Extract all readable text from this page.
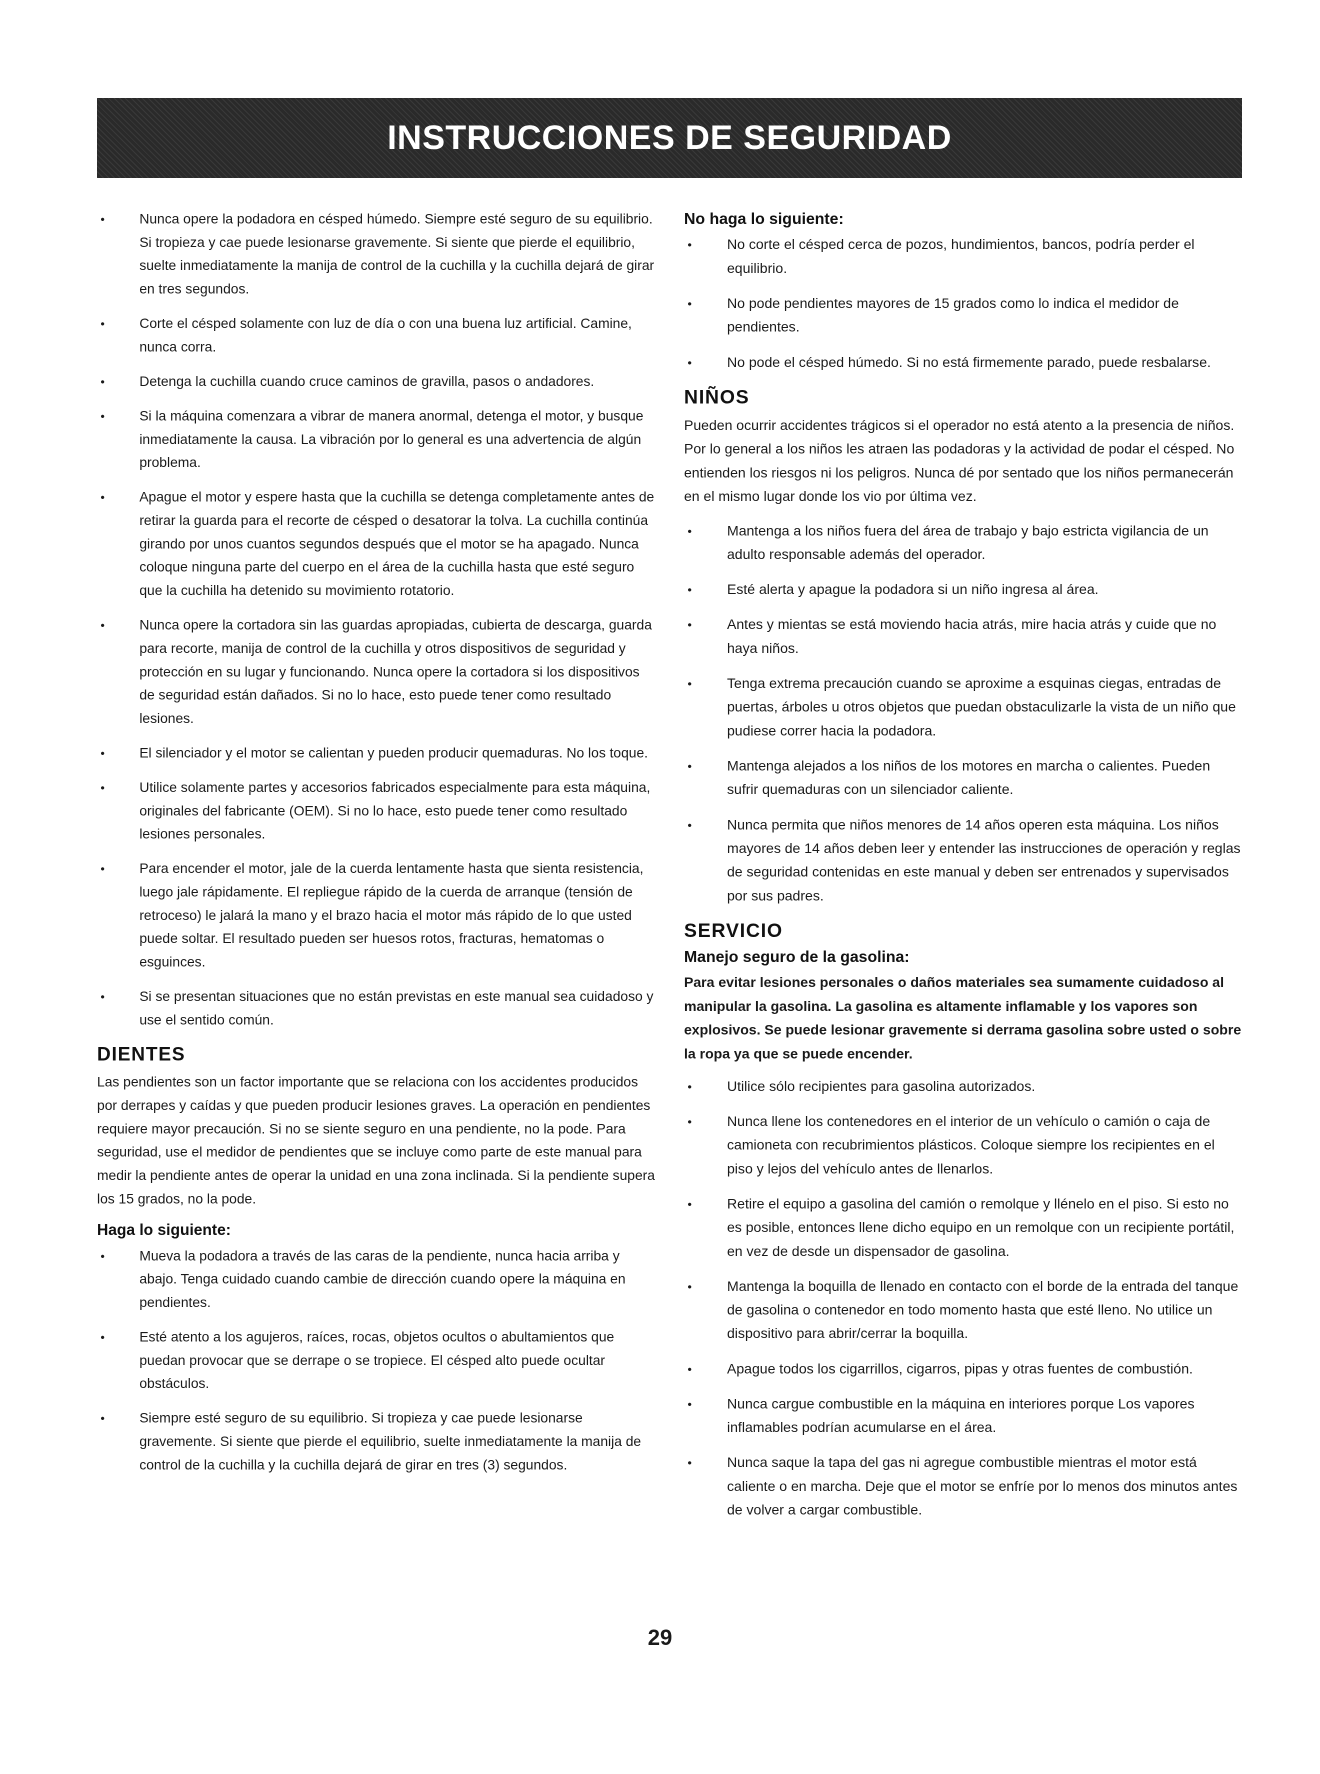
INSTRUCCIONES DE SEGURIDAD
• Nunca opere la podadora en césped húmedo. Siempre esté seguro de su equilibrio. Si tropieza y cae puede lesionarse gravemente. Si siente que pierde el equilibrio, suelte inmediatamente la manija de control de la cuchilla y la cuchilla dejará de girar en tres segundos.
• Corte el césped solamente con luz de día o con una buena luz artificial. Camine, nunca corra.
• Detenga la cuchilla cuando cruce caminos de gravilla, pasos o andadores.
• Si la máquina comenzara a vibrar de manera anormal, detenga el motor, y busque inmediatamente la causa. La vibración por lo general es una advertencia de algún problema.
• Apague el motor y espere hasta que la cuchilla se detenga completamente antes de retirar la guarda para el recorte de césped o desatorar la tolva. La cuchilla continúa girando por unos cuantos segundos después que el motor se ha apagado. Nunca coloque ninguna parte del cuerpo en el área de la cuchilla hasta que esté seguro que la cuchilla ha detenido su movimiento rotatorio.
• Nunca opere la cortadora sin las guardas apropiadas, cubierta de descarga, guarda para recorte, manija de control de la cuchilla y otros dispositivos de seguridad y protección en su lugar y funcionando. Nunca opere la cortadora si los dispositivos de seguridad están dañados. Si no lo hace, esto puede tener como resultado lesiones.
• El silenciador y el motor se calientan y pueden producir quemaduras. No los toque.
• Utilice solamente partes y accesorios fabricados especialmente para esta máquina, originales del fabricante (OEM). Si no lo hace, esto puede tener como resultado lesiones personales.
• Para encender el motor, jale de la cuerda lentamente hasta que sienta resistencia, luego jale rápidamente. El repliegue rápido de la cuerda de arranque (tensión de retroceso) le jalará la mano y el brazo hacia el motor más rápido de lo que usted puede soltar. El resultado pueden ser huesos rotos, fracturas, hematomas o esguinces.
• Si se presentan situaciones que no están previstas en este manual sea cuidadoso y use el sentido común.
DIENTES

Las pendientes son un factor importante que se relaciona con los accidentes producidos por derrapes y caídas y que pueden producir lesiones graves. La operación en pendientes requiere mayor precaución. Si no se siente seguro en una pendiente, no la pode. Para seguridad, use el medidor de pendientes que se incluye como parte de este manual para medir la pendiente antes de operar la unidad en una zona inclinada. Si la pendiente supera los 15 grados, no la pode.

Haga lo siguiente:
• Mueva la podadora a través de las caras de la pendiente, nunca hacia arriba y abajo. Tenga cuidado cuando cambie de dirección cuando opere la máquina en pendientes.
• Esté atento a los agujeros, raíces, rocas, objetos ocultos o abultamientos que puedan provocar que se derrape o se tropiece. El césped alto puede ocultar obstáculos.
• Siempre esté seguro de su equilibrio. Si tropieza y cae puede lesionarse gravemente. Si siente que pierde el equilibrio, suelte inmediatamente la manija de control de la cuchilla y la cuchilla dejará de girar en tres (3) segundos.
No haga lo siguiente:
• No corte el césped cerca de pozos, hundimientos, bancos, podría perder el equilibrio.
• No pode pendientes mayores de 15 grados como lo indica el medidor de pendientes.
• No pode el césped húmedo. Si no está firmemente parado, puede resbalarse.
NIÑOS

Pueden ocurrir accidentes trágicos si el operador no está atento a la presencia de niños. Por lo general a los niños les atraen las podadoras y la actividad de podar el césped. No entienden los riesgos ni los peligros. Nunca dé por sentado que los niños permanecerán en el mismo lugar donde los vio por última vez.

• Mantenga a los niños fuera del área de trabajo y bajo estricta vigilancia de un adulto responsable además del operador.
• Esté alerta y apague la podadora si un niño ingresa al área.
• Antes y mientas se está moviendo hacia atrás, mire hacia atrás y cuide que no haya niños.
• Tenga extrema precaución cuando se aproxime a esquinas ciegas, entradas de puertas, árboles u otros objetos que puedan obstaculizarle la vista de un niño que pudiese correr hacia la podadora.
• Mantenga alejados a los niños de los motores en marcha o calientes. Pueden sufrir quemaduras con un silenciador caliente.
• Nunca permita que niños menores de 14 años operen esta máquina. Los niños mayores de 14 años deben leer y entender las instrucciones de operación y reglas de seguridad contenidas en este manual y deben ser entrenados y supervisados por sus padres.
SERVICIO
Manejo seguro de la gasolina:

Para evitar lesiones personales o daños materiales sea sumamente cuidadoso al manipular la gasolina. La gasolina es altamente inflamable y los vapores son explosivos. Se puede lesionar gravemente si derrama gasolina sobre usted o sobre la ropa ya que se puede encender.

• Utilice sólo recipientes para gasolina autorizados.
• Nunca llene los contenedores en el interior de un vehículo o camión o caja de camioneta con recubrimientos plásticos. Coloque siempre los recipientes en el piso y lejos del vehículo antes de llenarlos.
• Retire el equipo a gasolina del camión o remolque y llénelo en el piso. Si esto no es posible, entonces llene dicho equipo en un remolque con un recipiente portátil, en vez de desde un dispensador de gasolina.
• Mantenga la boquilla de llenado en contacto con el borde de la entrada del tanque de gasolina o contenedor en todo momento hasta que esté lleno. No utilice un dispositivo para abrir/cerrar la boquilla.
• Apague todos los cigarrillos, cigarros, pipas y otras fuentes de combustión.
• Nunca cargue combustible en la máquina en interiores porque Los vapores inflamables podrían acumularse en el área.
• Nunca saque la tapa del gas ni agregue combustible mientras el motor está caliente o en marcha. Deje que el motor se enfríe por lo menos dos minutos antes de volver a cargar combustible.
29
